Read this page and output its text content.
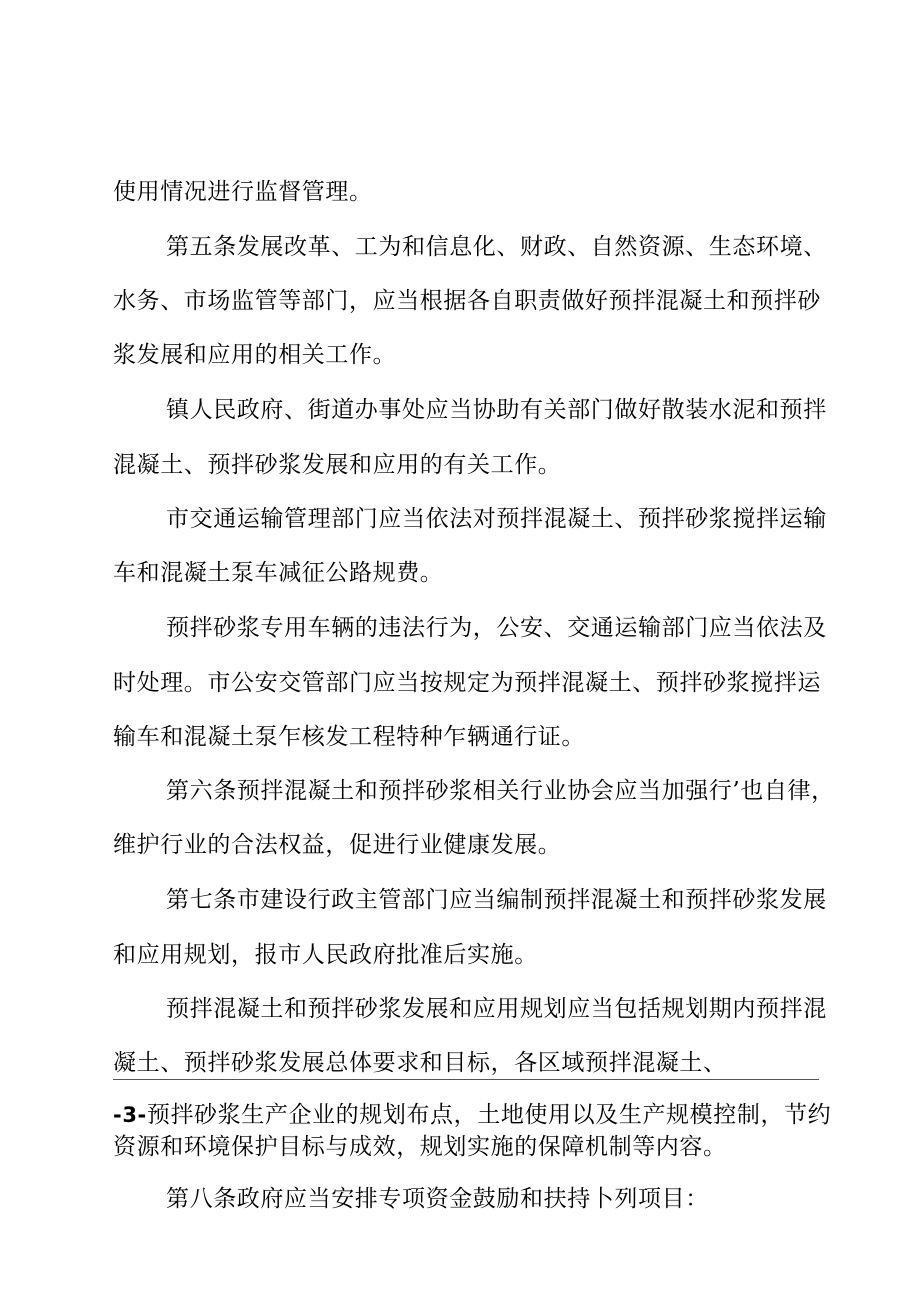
使用情况进行监督管理。
第五条发展改革、工为和信息化、财政、自然资源、生态环境、
水务、市场监管等部门，应当根据各自职责做好预拌混凝土和预拌砂
浆发展和应用的相关工作。
镇人民政府、街道办事处应当协助有关部门做好散装水泥和预拌
混凝土、预拌砂浆发展和应用的有关工作。
市交通运输管理部门应当依法对预拌混凝土、预拌砂浆搅拌运输
车和混凝土泵车减征公路规费。
预拌砂浆专用车辆的违法行为，公安、交通运输部门应当依法及
时处理。市公安交管部门应当按规定为预拌混凝土、预拌砂浆搅拌运
输车和混凝土泵乍核发工程特种乍辆通行证。
第六条预拌混凝土和预拌砂浆相关行业协会应当加强行’也自律，
维护行业的合法权益，促进行业健康发展。
第七条市建设行政主管部门应当编制预拌混凝土和预拌砂浆发展
和应用规划，报市人民政府批准后实施。
预拌混凝土和预拌砂浆发展和应用规划应当包括规划期内预拌混
凝土、预拌砂浆发展总体要求和目标，各区域预拌混凝土、
-3-预拌砂浆生产企业的规划布点，土地使用以及生产规模控制，节约
资源和环境保护目标与成效，规划实施的保障机制等内容。
第八条政府应当安排专项资金鼓励和扶持卜列项目：
